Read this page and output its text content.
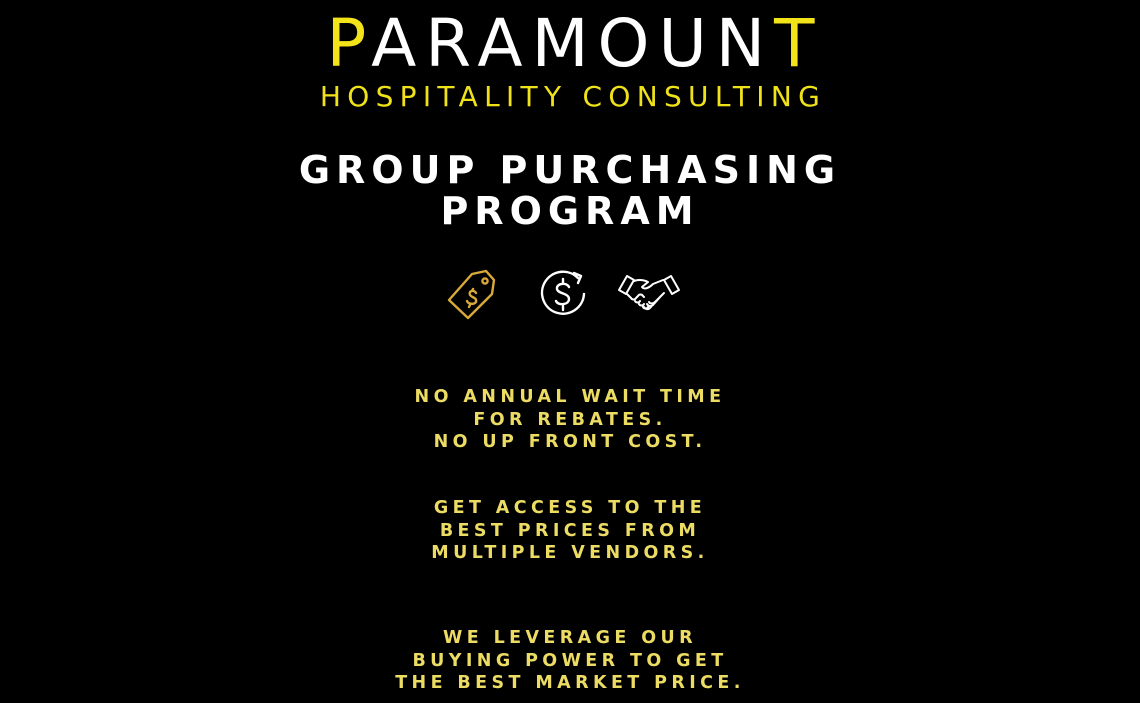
PARAMOUNT
HOSPITALITY CONSULTING
GROUP PURCHASING
PROGRAM
NO ANNUAL WAIT TIME
FOR REBATES.
NO UP FRONT COST.
GET ACCESS TO THE
BEST PRICES FROM
MULTIPLE VENDORS.
WE LEVERAGE OUR
BUYING POWER TO GET
THE BEST MARKET PRICE.
